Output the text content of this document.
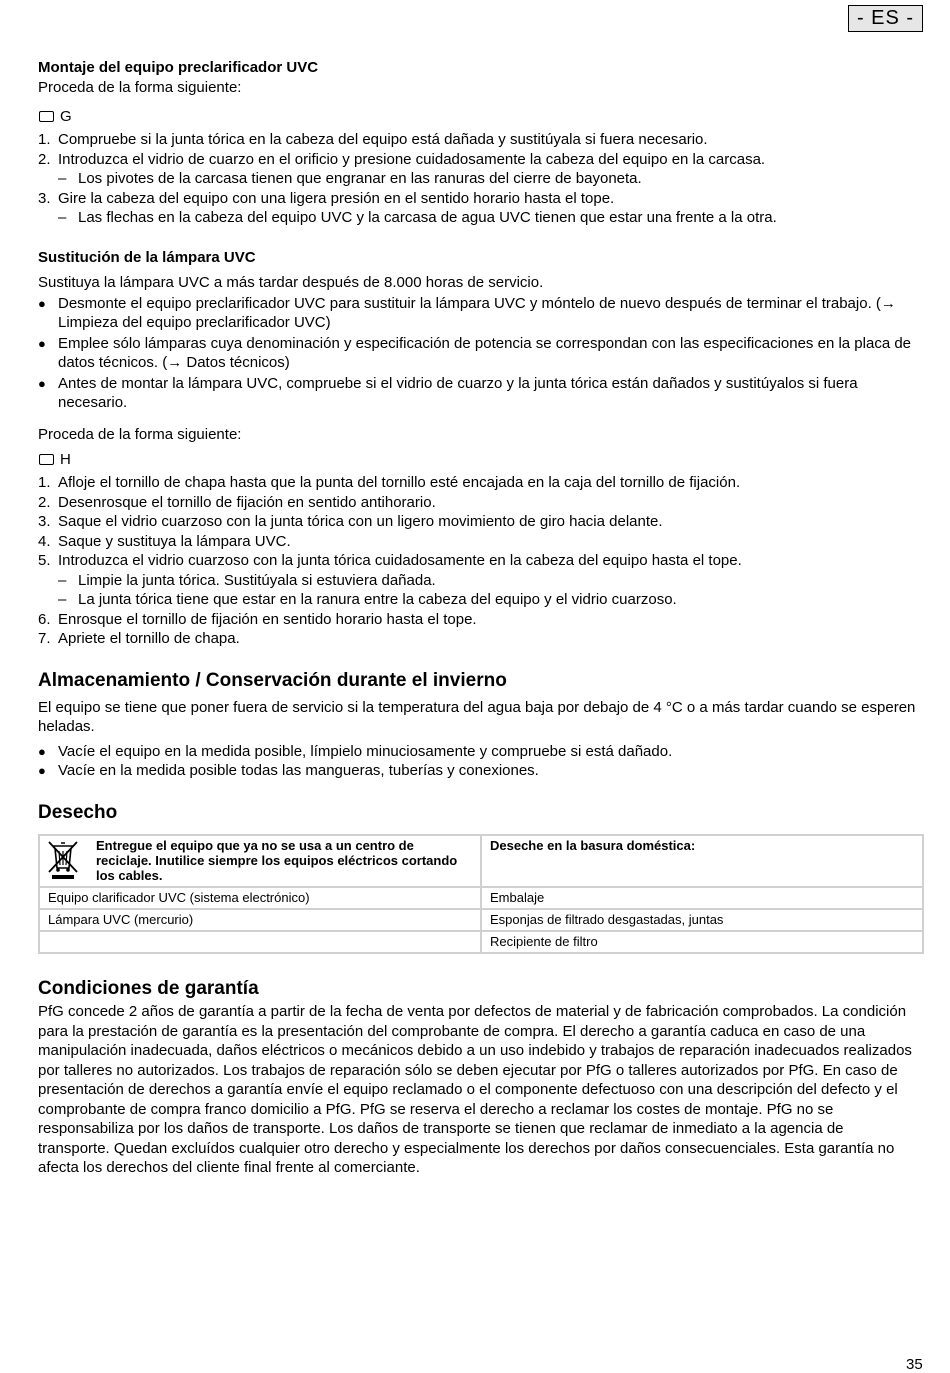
- ES -

Montaje del equipo preclarificador UVC

Proceda de la forma siguiente:

G
1. Compruebe si la junta tórica en la cabeza del equipo está dañada y sustitúyala si fuera necesario.
2. Introduzca el vidrio de cuarzo en el orificio y presione cuidadosamente la cabeza del equipo en la carcasa.
– Los pivotes de la carcasa tienen que engranar en las ranuras del cierre de bayoneta.
3. Gire la cabeza del equipo con una ligera presión en el sentido horario hasta el tope.
– Las flechas en la cabeza del equipo UVC y la carcasa de agua UVC tienen que estar una frente a la otra.

Sustitución de la lámpara UVC

Sustituya la lámpara UVC a más tardar después de 8.000 horas de servicio.

● Desmonte el equipo preclarificador UVC para sustituir la lámpara UVC y móntelo de nuevo después de terminar el trabajo. (→ Limpieza del equipo preclarificador UVC)
● Emplee sólo lámparas cuya denominación y especificación de potencia se correspondan con las especificaciones en la placa de datos técnicos. (→ Datos técnicos)
● Antes de montar la lámpara UVC, compruebe si el vidrio de cuarzo y la junta tórica están dañados y sustitúyalos si fuera necesario.

Proceda de la forma siguiente:

H
1. Afloje el tornillo de chapa hasta que la punta del tornillo esté encajada en la caja del tornillo de fijación.
2. Desenrosque el tornillo de fijación en sentido antihorario.
3. Saque el vidrio cuarzoso con la junta tórica con un ligero movimiento de giro hacia delante.
4. Saque y sustituya la lámpara UVC.
5. Introduzca el vidrio cuarzoso con la junta tórica cuidadosamente en la cabeza del equipo hasta el tope.
– Limpie la junta tórica. Sustitúyala si estuviera dañada.
– La junta tórica tiene que estar en la ranura entre la cabeza del equipo y el vidrio cuarzoso.
6. Enrosque el tornillo de fijación en sentido horario hasta el tope.
7. Apriete el tornillo de chapa.

Almacenamiento / Conservación durante el invierno

El equipo se tiene que poner fuera de servicio si la temperatura del agua baja por debajo de 4 °C o a más tardar cuando se esperen heladas.

● Vacíe el equipo en la medida posible, límpielo minuciosamente y compruebe si está dañado.
● Vacíe en la medida posible todas las mangueras, tuberías y conexiones.

Desecho

Entregue el equipo que ya no se usa a un centro de reciclaje. Inutilice siempre los equipos eléctricos cortando los cables.	Deseche en la basura doméstica:
Equipo clarificador UVC (sistema electrónico)	Embalaje
Lámpara UVC (mercurio)	Esponjas de filtrado desgastadas, juntas
	Recipiente de filtro

Condiciones de garantía

PfG concede 2 años de garantía a partir de la fecha de venta por defectos de material y de fabricación comprobados. La condición para la prestación de garantía es la presentación del comprobante de compra. El derecho a garantía caduca en caso de una manipulación inadecuada, daños eléctricos o mecánicos debido a un uso indebido y trabajos de reparación inadecuados realizados por talleres no autorizados. Los trabajos de reparación sólo se deben ejecutar por PfG o talleres autorizados por PfG. En caso de presentación de derechos a garantía envíe el equipo reclamado o el componente defectuoso con una descripción del defecto y el comprobante de compra franco domicilio a PfG. PfG se reserva el derecho a reclamar los costes de montaje. PfG no se responsabiliza por los daños de transporte. Los daños de transporte se tienen que reclamar de inmediato a la agencia de transporte. Quedan excluídos cualquier otro derecho y especialmente los derechos por daños consecuenciales. Esta garantía no afecta los derechos del cliente final frente al comerciante.

35
